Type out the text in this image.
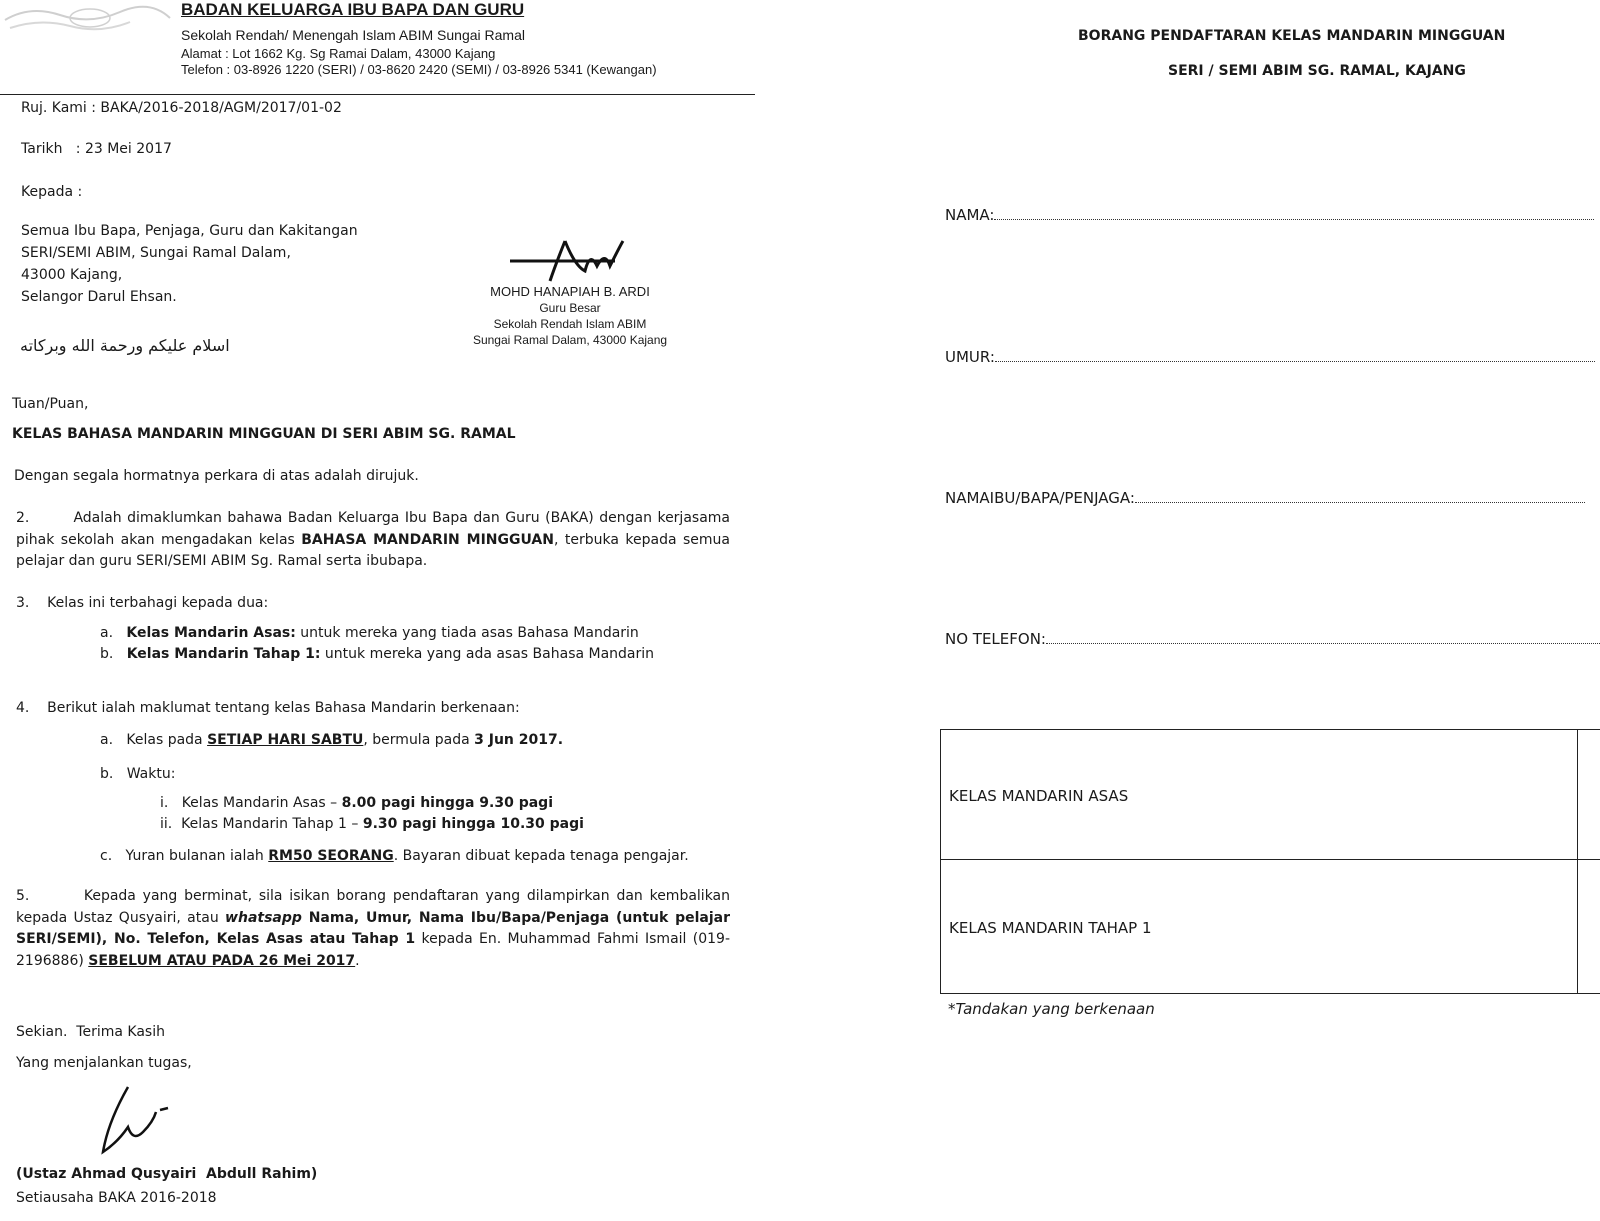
BADAN KELUARGA IBU BAPA DAN GURU
Sekolah Rendah/ Menengah Islam ABIM Sungai Ramal
Alamat : Lot 1662 Kg. Sg Ramai Dalam, 43000 Kajang
Telefon : 03-8926 1220 (SERI) / 03-8620 2420 (SEMI) / 03-8926 5341 (Kewangan)
Ruj. Kami : BAKA/2016-2018/AGM/2017/01-02
Tarikh   : 23 Mei 2017
Kepada :
Semua Ibu Bapa, Penjaga, Guru dan Kakitangan
SERI/SEMI ABIM, Sungai Ramal Dalam,
43000 Kajang,
Selangor Darul Ehsan.
اسلام عليكم ورحمة الله وبركاته
MOHD HANAPIAH B. ARDI
Guru Besar
Sekolah Rendah Islam ABIM
Sungai Ramal Dalam, 43000 Kajang
Tuan/Puan,
KELAS BAHASA MANDARIN MINGGUAN DI SERI ABIM SG. RAMAL
Dengan segala hormatnya perkara di atas adalah dirujuk.
2.	Adalah dimaklumkan bahawa Badan Keluarga Ibu Bapa dan Guru (BAKA) dengan kerjasama pihak sekolah akan mengadakan kelas BAHASA MANDARIN MINGGUAN, terbuka kepada semua pelajar dan guru SERI/SEMI ABIM Sg. Ramal serta ibubapa.
3.    Kelas ini terbahagi kepada dua:
a. Kelas Mandarin Asas: untuk mereka yang tiada asas Bahasa Mandarin
b. Kelas Mandarin Tahap 1: untuk mereka yang ada asas Bahasa Mandarin
4.    Berikut ialah maklumat tentang kelas Bahasa Mandarin berkenaan:
a. Kelas pada SETIAP HARI SABTU, bermula pada 3 Jun 2017.
b. Waktu:
i. Kelas Mandarin Asas – 8.00 pagi hingga 9.30 pagi
ii. Kelas Mandarin Tahap 1 – 9.30 pagi hingga 10.30 pagi
c. Yuran bulanan ialah RM50 SEORANG. Bayaran dibuat kepada tenaga pengajar.
5.	Kepada yang berminat, sila isikan borang pendaftaran yang dilampirkan dan kembalikan kepada Ustaz Qusyairi, atau whatsapp Nama, Umur, Nama Ibu/Bapa/Penjaga (untuk pelajar SERI/SEMI), No. Telefon, Kelas Asas atau Tahap 1 kepada En. Muhammad Fahmi Ismail (019-2196886) SEBELUM ATAU PADA 26 Mei 2017.
Sekian.  Terima Kasih
Yang menjalankan tugas,
(Ustaz Ahmad Qusyairi  Abdull Rahim)
Setiausaha BAKA 2016-2018
BORANG PENDAFTARAN KELAS MANDARIN MINGGUAN
SERI / SEMI ABIM SG. RAMAL, KAJANG
NAMA:
UMUR:
NAMAIBU/BAPA/PENJAGA:
NO TELEFON:
KELAS MANDARIN ASAS
KELAS MANDARIN TAHAP 1
*Tandakan yang berkenaan
